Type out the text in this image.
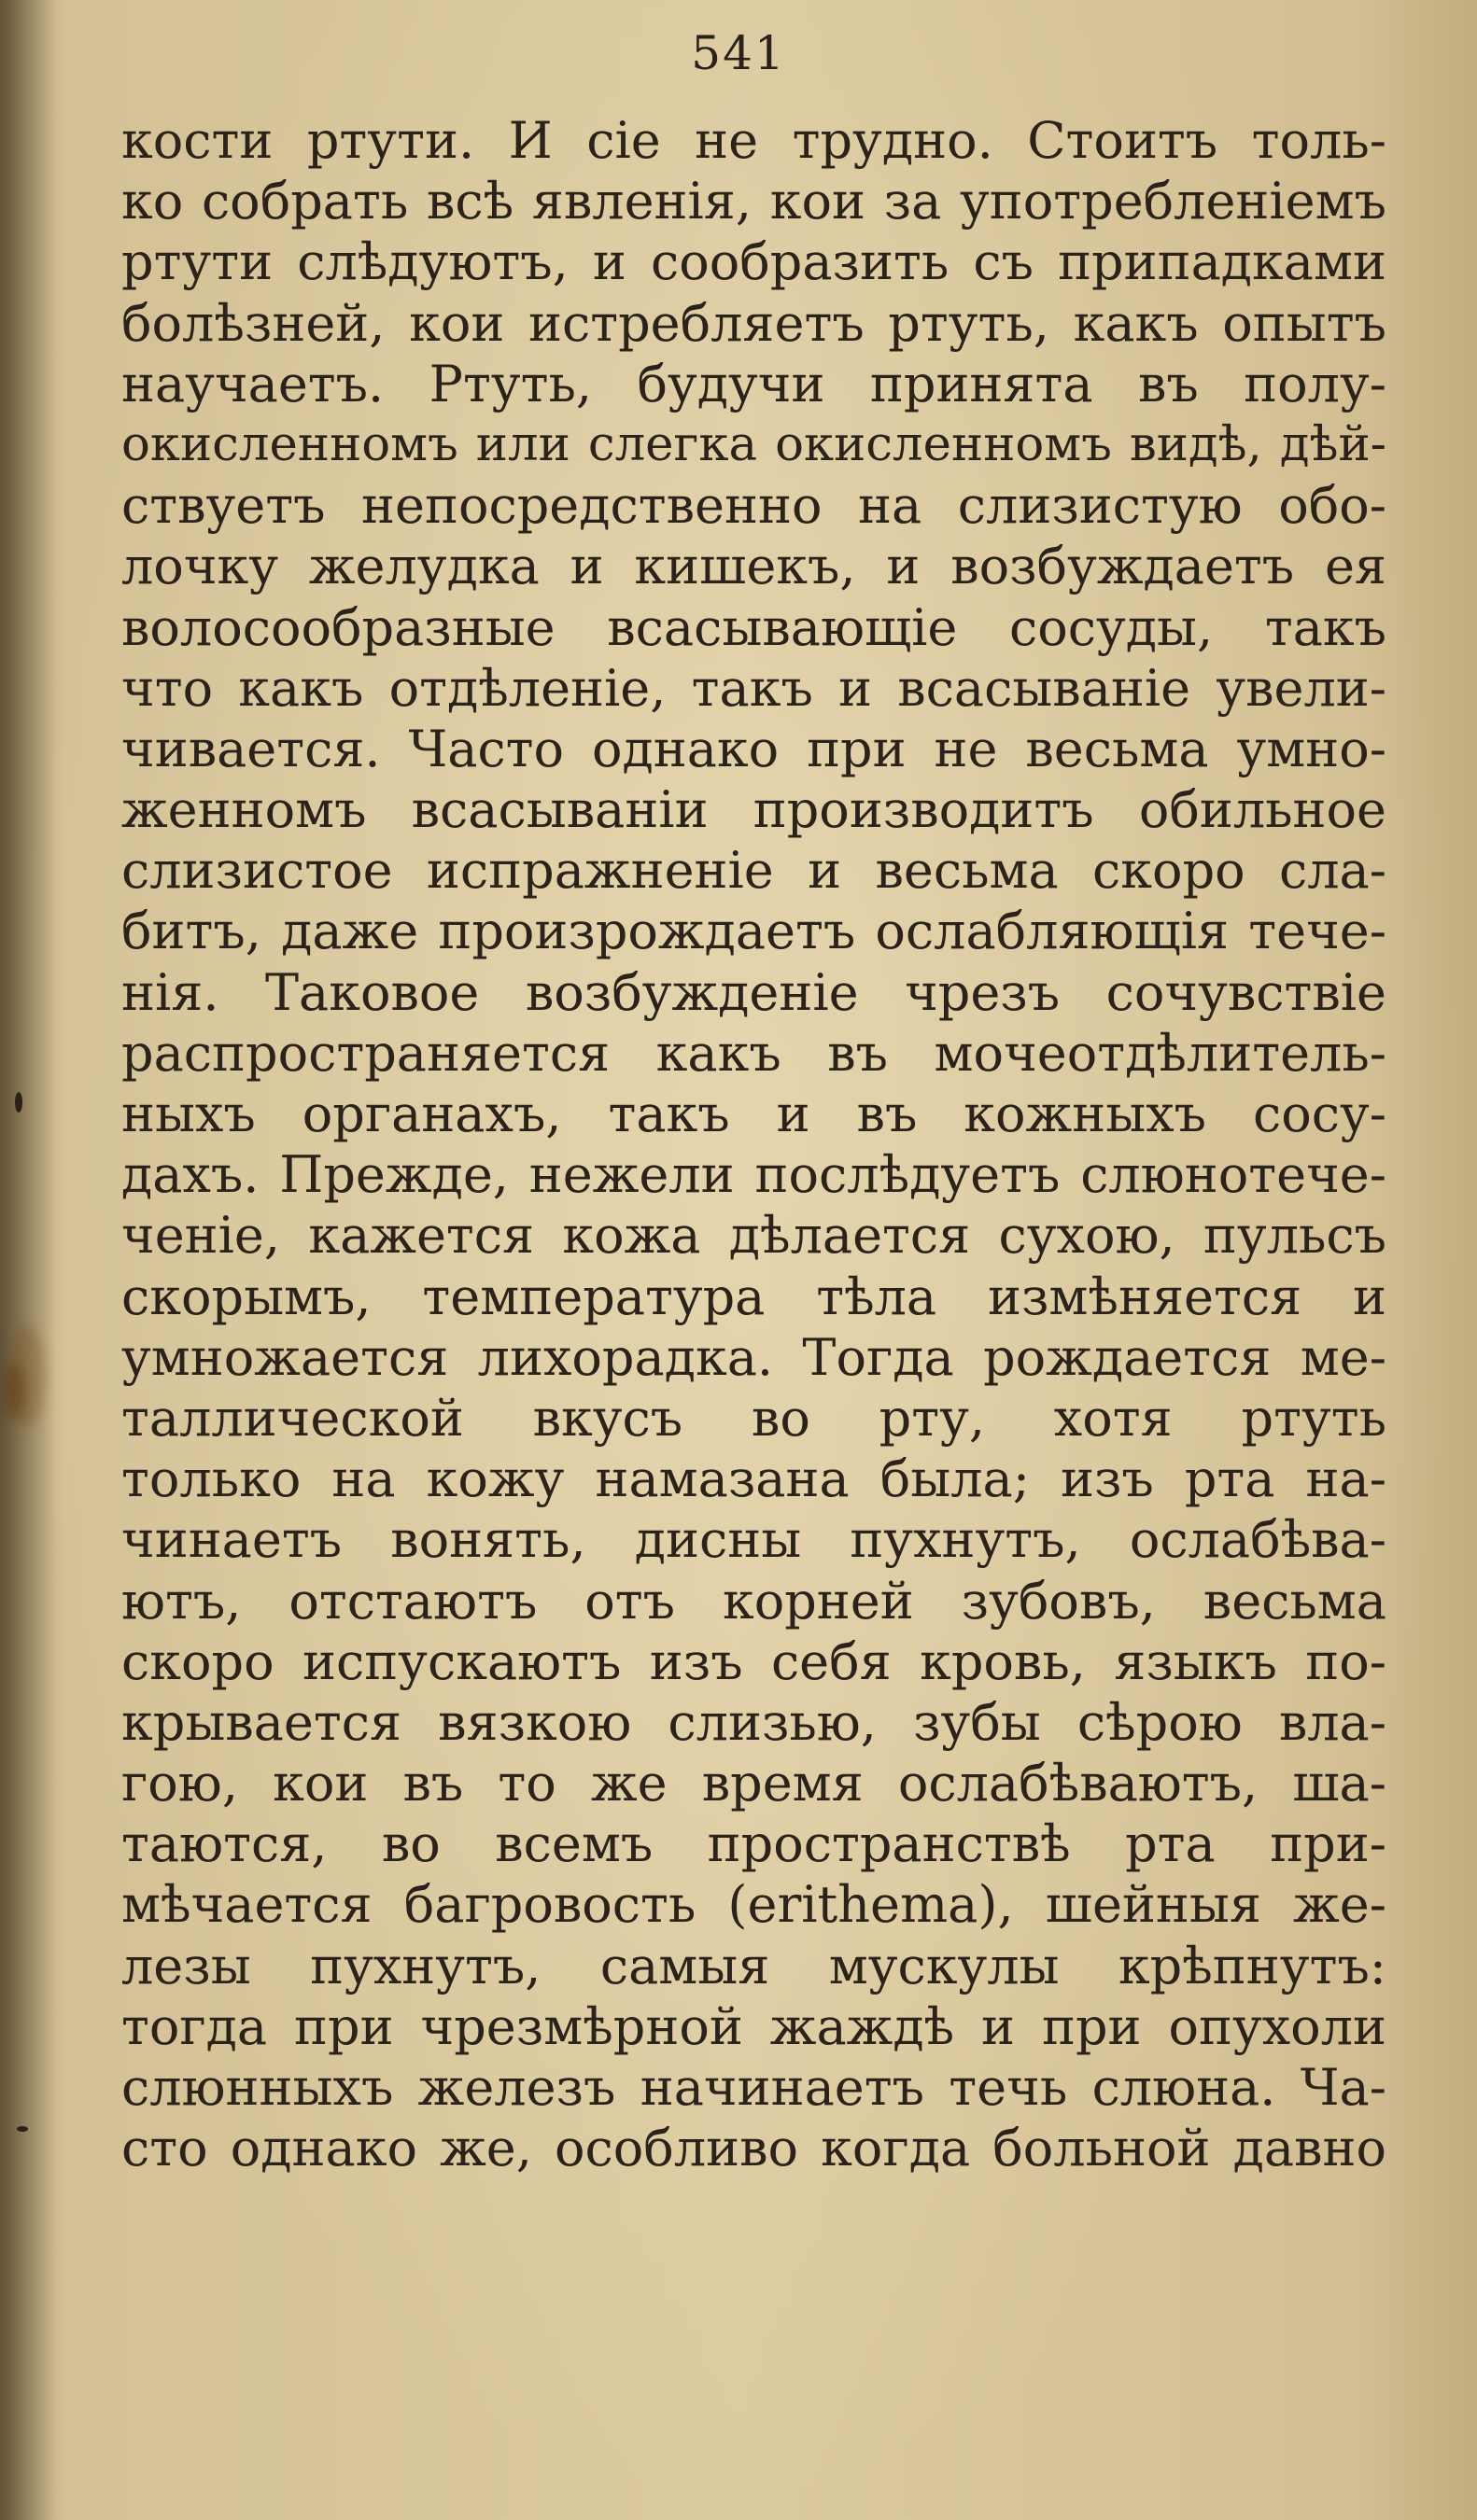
541
кости ртути. И сіе не трудно. Стоитъ толь-
ко собрать всѣ явленія, кои за употребленіемъ
ртути слѣдуютъ, и сообразить съ припадками
болѣзней, кои истребляетъ ртуть, какъ опытъ
научаетъ. Ртуть, будучи принята въ полу-
окисленномъ или слегка окисленномъ видѣ, дѣй-
ствуетъ непосредственно на слизистую обо-
лочку желудка и кишекъ, и возбуждаетъ ея
волосообразные всасывающіе сосуды, такъ
что какъ отдѣленіе, такъ и всасываніе увели-
чивается. Часто однако при не весьма умно-
женномъ всасываніи производитъ обильное
слизистое испражненіе и весьма скоро сла-
битъ, даже произрождаетъ ослабляющія тече-
нія. Таковое возбужденіе чрезъ сочувствіе
распространяется какъ въ мочеотдѣлитель-
ныхъ органахъ, такъ и въ кожныхъ сосу-
дахъ. Прежде, нежели послѣдуетъ слюнотече-
ченіе, кажется кожа дѣлается сухою, пульсъ
скорымъ, температура тѣла измѣняется и
умножается лихорадка. Тогда рождается ме-
таллической вкусъ во рту, хотя ртуть
только на кожу намазана была; изъ рта на-
чинаетъ вонять, дисны пухнутъ, ослабѣва-
ютъ, отстаютъ отъ корней зубовъ, весьма
скоро испускаютъ изъ себя кровь, языкъ по-
крывается вязкою слизью, зубы сѣрою вла-
гою, кои въ то же время ослабѣваютъ, ша-
таются, во всемъ пространствѣ рта при-
мѣчается багровость (erithema), шейныя же-
лезы пухнутъ, самыя мускулы крѣпнутъ:
тогда при чрезмѣрной жаждѣ и при опухоли
слюнныхъ железъ начинаетъ течь слюна. Ча-
сто однако же, особливо когда больной давно
